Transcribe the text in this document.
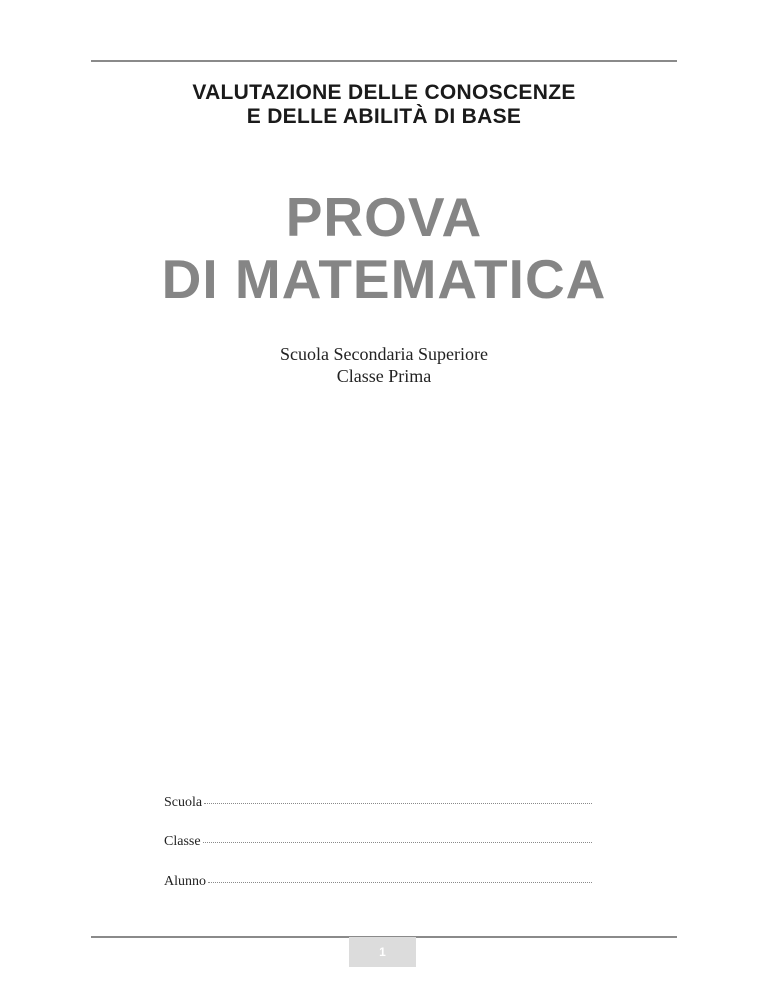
VALUTAZIONE DELLE CONOSCENZE
E DELLE ABILITÀ DI BASE
PROVA
DI MATEMATICA
Scuola Secondaria Superiore
Classe Prima
Scuola
Classe
Alunno
1
